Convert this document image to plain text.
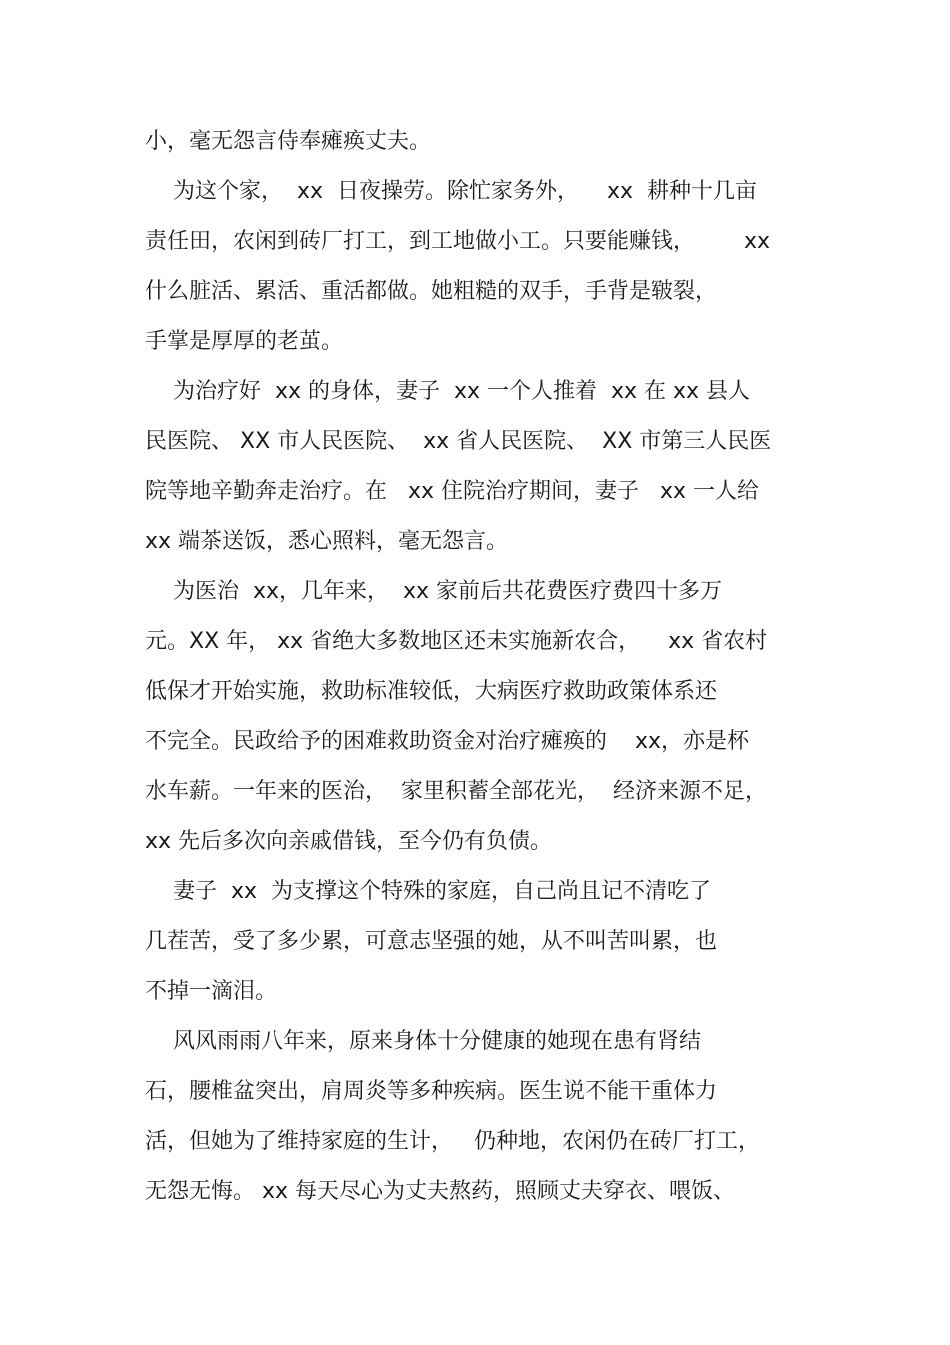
小，毫无怨言侍奉瘫痪丈夫。
为这个家，  xx  日夜操劳。除忙家务外，    xx  耕种十几亩
责任田，农闲到砖厂打工，到工地做小工。只要能赚钱，       xx
什么脏活、累活、重活都做。她粗糙的双手，手背是皲裂，
手掌是厚厚的老茧。
为治疗好  xx 的身体，妻子  xx 一个人推着  xx 在 xx 县人
民医院、 XX 市人民医院、  xx 省人民医院、  XX 市第三人民医
院等地辛勤奔走治疗。在   xx 住院治疗期间，妻子   xx 一人给
xx 端茶送饭，悉心照料，毫无怨言。
为医治  xx，几年来，  xx 家前后共花费医疗费四十多万
元。XX 年， xx 省绝大多数地区还未实施新农合，    xx 省农村
低保才开始实施，救助标准较低，大病医疗救助政策体系还
不完全。民政给予的困难救助资金对治疗瘫痪的    xx，亦是杯
水车薪。一年来的医治，  家里积蓄全部花光，  经济来源不足，
xx 先后多次向亲戚借钱，至今仍有负债。
妻子  xx  为支撑这个特殊的家庭，自己尚且记不清吃了
几茬苦，受了多少累，可意志坚强的她，从不叫苦叫累，也
不掉一滴泪。
风风雨雨八年来，原来身体十分健康的她现在患有肾结
石，腰椎盆突出，肩周炎等多种疾病。医生说不能干重体力
活，但她为了维持家庭的生计，   仍种地，农闲仍在砖厂打工，
无怨无悔。 xx 每天尽心为丈夫熬药，照顾丈夫穿衣、喂饭、
